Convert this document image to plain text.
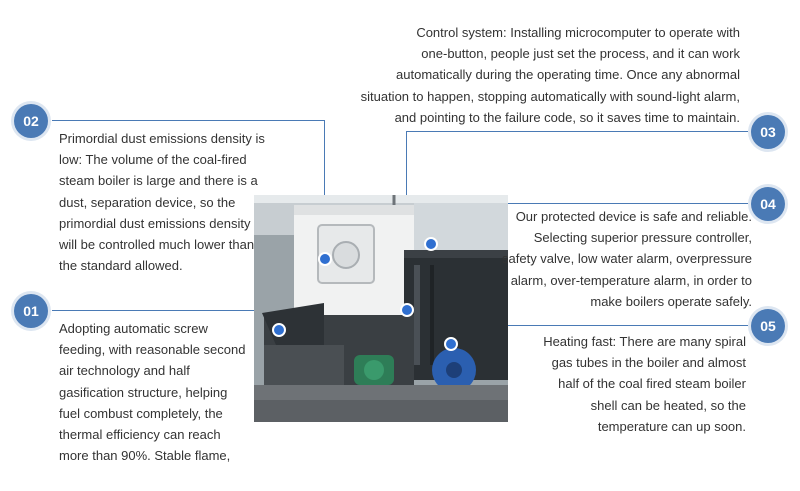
02
01
03
04
05
Primordial dust emissions density is
low: The volume of the coal-fired
steam boiler is large and there is a
dust, separation device, so the
primordial dust emissions density
will be controlled much lower than
the standard allowed.
Adopting automatic screw
feeding, with reasonable second
air technology and half
gasification structure, helping
fuel combust completely, the
thermal efficiency can reach
more than 90%. Stable flame,
Control system: Installing microcomputer to operate with
one-button, people just set the process, and it can work
automatically during the operating time. Once any abnormal
situation to happen, stopping automatically with sound-light alarm,
and pointing to the failure code, so it saves time to maintain.
Our protected device is safe and reliable.
Selecting superior pressure controller,
safety valve, low water alarm, overpressure
alarm, over-temperature alarm, in order to
make boilers operate safely.
Heating fast: There are many spiral
gas tubes in the boiler and almost
half of the coal fired steam boiler
shell can be heated, so the
temperature can up soon.
